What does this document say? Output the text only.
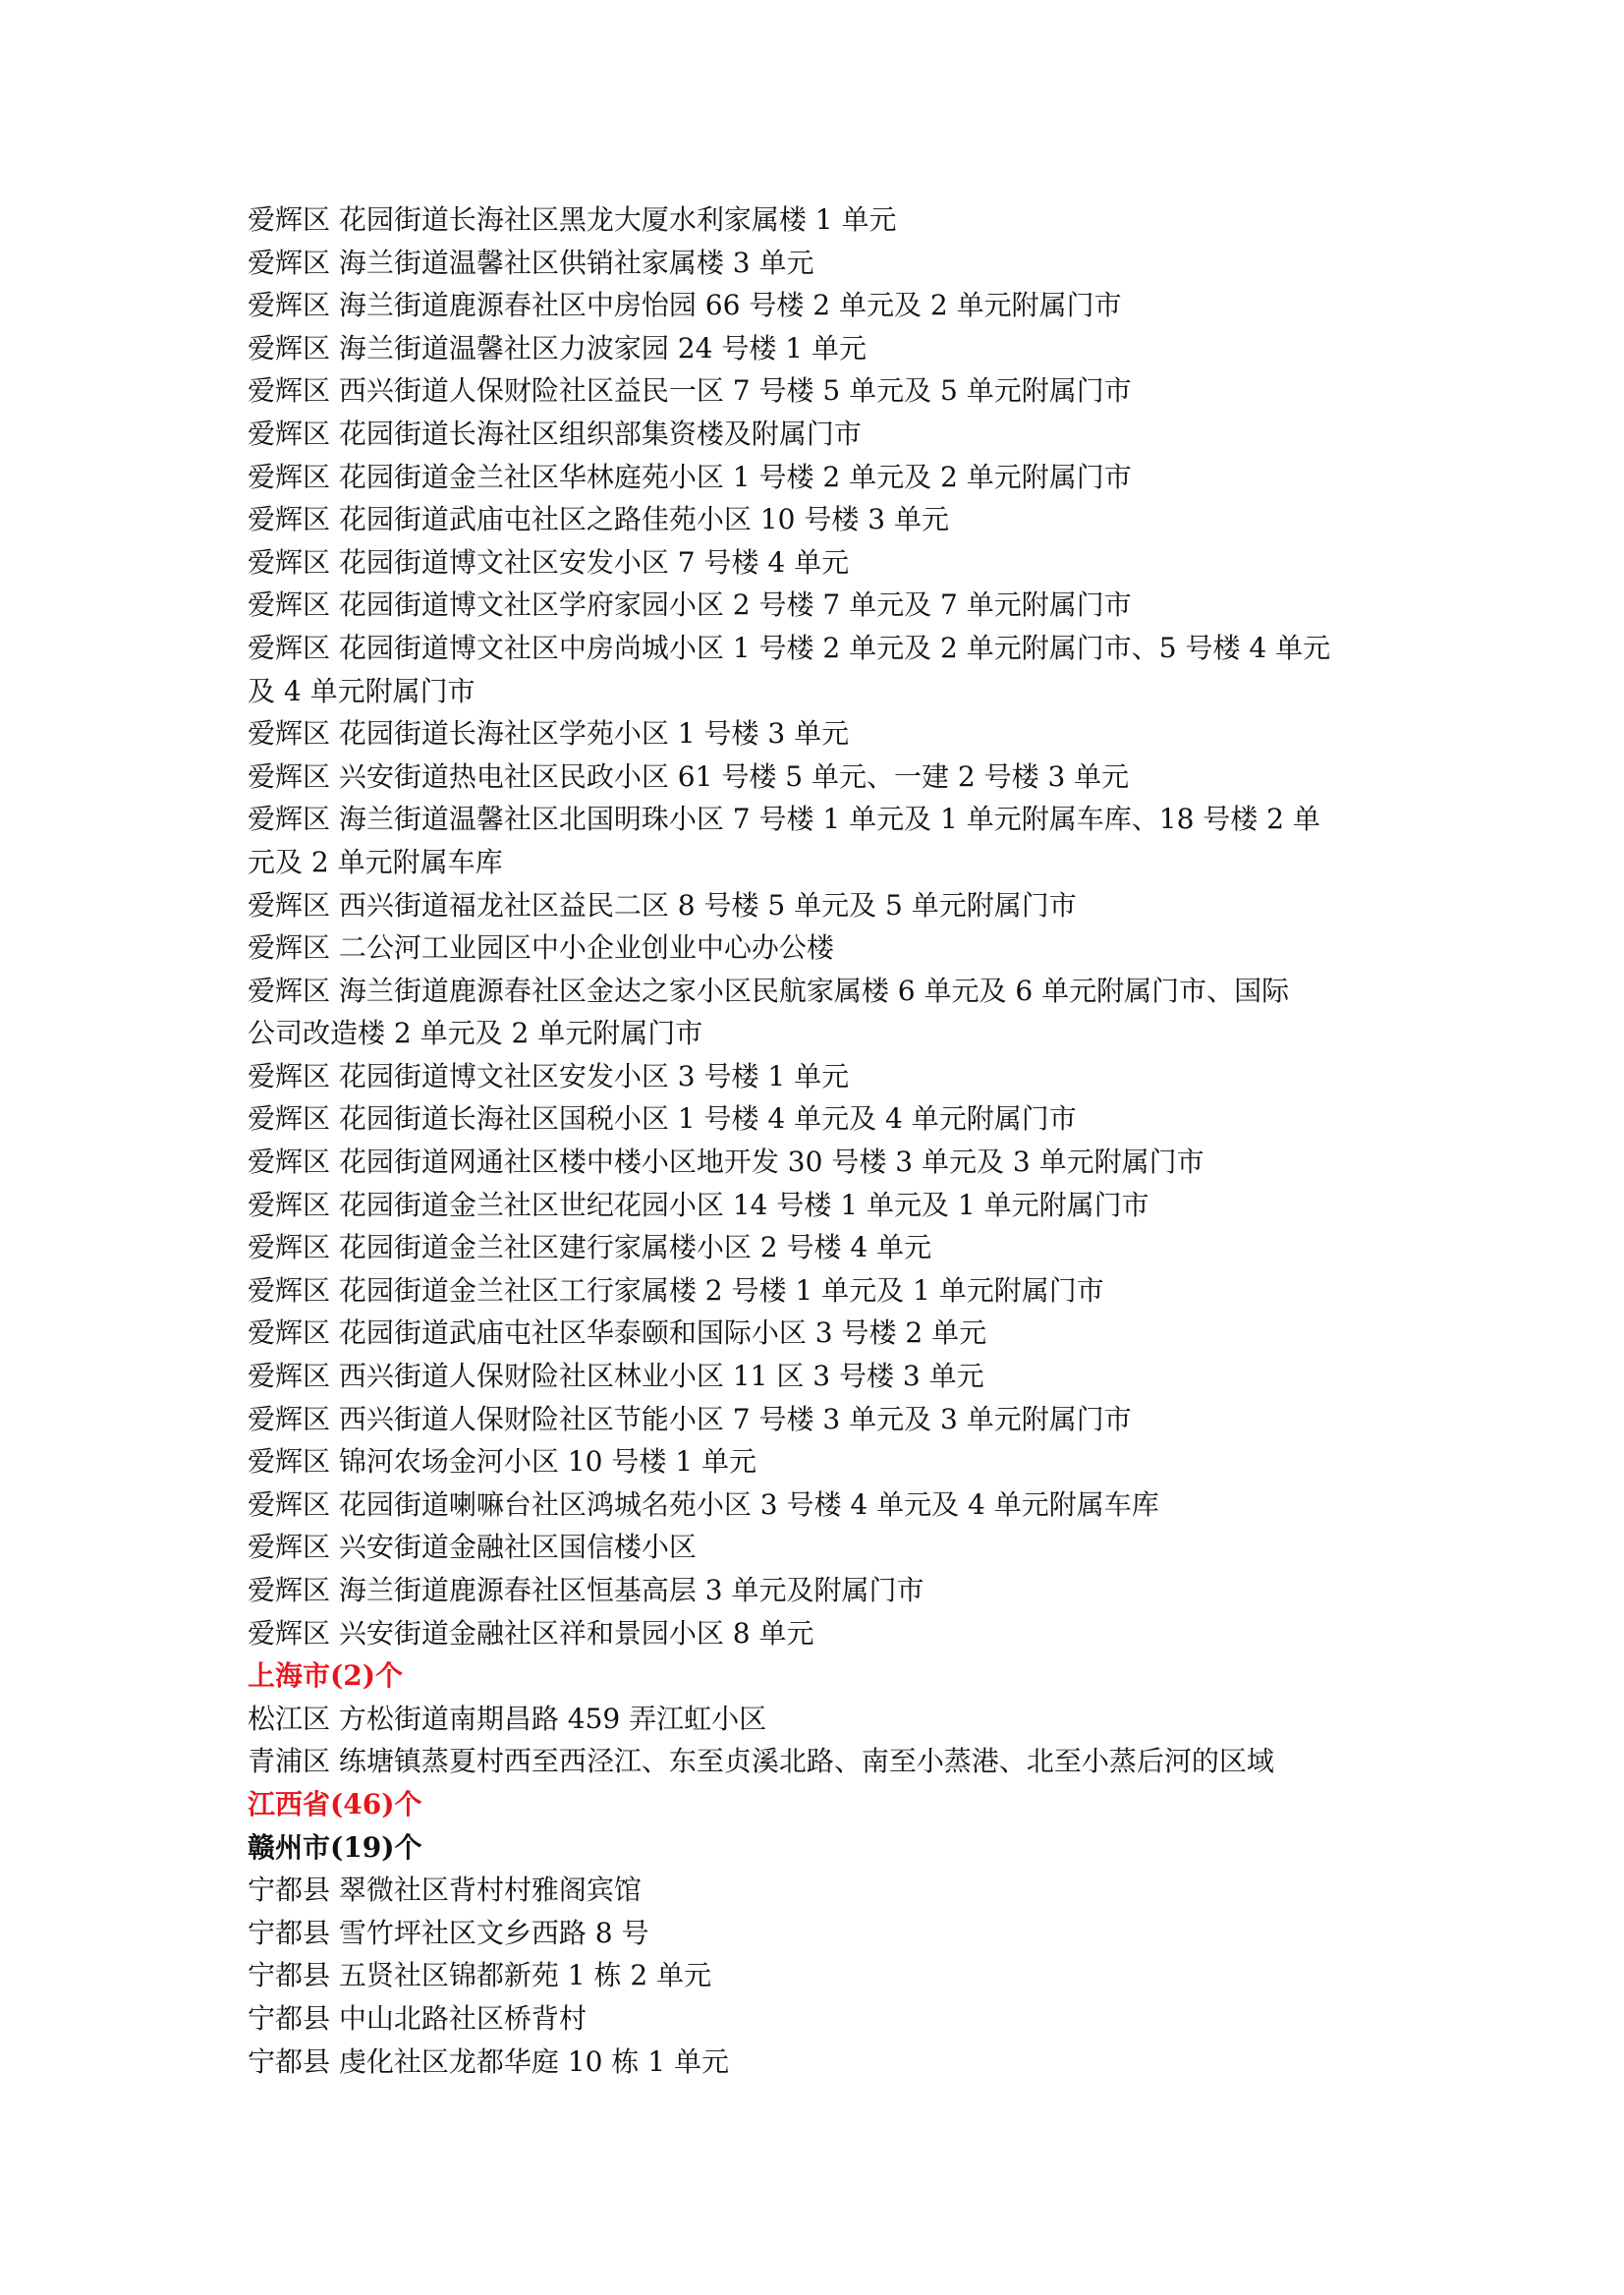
爱辉区 花园街道长海社区黑龙大厦水利家属楼 1 单元
爱辉区 海兰街道温馨社区供销社家属楼 3 单元
爱辉区 海兰街道鹿源春社区中房怡园 66 号楼 2 单元及 2 单元附属门市
爱辉区 海兰街道温馨社区力波家园 24 号楼 1 单元
爱辉区 西兴街道人保财险社区益民一区 7 号楼 5 单元及 5 单元附属门市
爱辉区 花园街道长海社区组织部集资楼及附属门市
爱辉区 花园街道金兰社区华林庭苑小区 1 号楼 2 单元及 2 单元附属门市
爱辉区 花园街道武庙屯社区之路佳苑小区 10 号楼 3 单元
爱辉区 花园街道博文社区安发小区 7 号楼 4 单元
爱辉区 花园街道博文社区学府家园小区 2 号楼 7 单元及 7 单元附属门市
爱辉区 花园街道博文社区中房尚城小区 1 号楼 2 单元及 2 单元附属门市、5 号楼 4 单元
及 4 单元附属门市
爱辉区 花园街道长海社区学苑小区 1 号楼 3 单元
爱辉区 兴安街道热电社区民政小区 61 号楼 5 单元、一建 2 号楼 3 单元
爱辉区 海兰街道温馨社区北国明珠小区 7 号楼 1 单元及 1 单元附属车库、18 号楼 2 单
元及 2 单元附属车库
爱辉区 西兴街道福龙社区益民二区 8 号楼 5 单元及 5 单元附属门市
爱辉区 二公河工业园区中小企业创业中心办公楼
爱辉区 海兰街道鹿源春社区金达之家小区民航家属楼 6 单元及 6 单元附属门市、国际
公司改造楼 2 单元及 2 单元附属门市
爱辉区 花园街道博文社区安发小区 3 号楼 1 单元
爱辉区 花园街道长海社区国税小区 1 号楼 4 单元及 4 单元附属门市
爱辉区 花园街道网通社区楼中楼小区地开发 30 号楼 3 单元及 3 单元附属门市
爱辉区 花园街道金兰社区世纪花园小区 14 号楼 1 单元及 1 单元附属门市
爱辉区 花园街道金兰社区建行家属楼小区 2 号楼 4 单元
爱辉区 花园街道金兰社区工行家属楼 2 号楼 1 单元及 1 单元附属门市
爱辉区 花园街道武庙屯社区华泰颐和国际小区 3 号楼 2 单元
爱辉区 西兴街道人保财险社区林业小区 11 区 3 号楼 3 单元
爱辉区 西兴街道人保财险社区节能小区 7 号楼 3 单元及 3 单元附属门市
爱辉区 锦河农场金河小区 10 号楼 1 单元
爱辉区 花园街道喇嘛台社区鸿城名苑小区 3 号楼 4 单元及 4 单元附属车库
爱辉区 兴安街道金融社区国信楼小区
爱辉区 海兰街道鹿源春社区恒基高层 3 单元及附属门市
爱辉区 兴安街道金融社区祥和景园小区 8 单元
上海市(2)个
松江区 方松街道南期昌路 459 弄江虹小区
青浦区 练塘镇蒸夏村西至西泾江、东至贞溪北路、南至小蒸港、北至小蒸后河的区域
江西省(46)个
赣州市(19)个
宁都县 翠微社区背村村雅阁宾馆
宁都县 雪竹坪社区文乡西路 8 号
宁都县 五贤社区锦都新苑 1 栋 2 单元
宁都县 中山北路社区桥背村
宁都县 虔化社区龙都华庭 10 栋 1 单元
